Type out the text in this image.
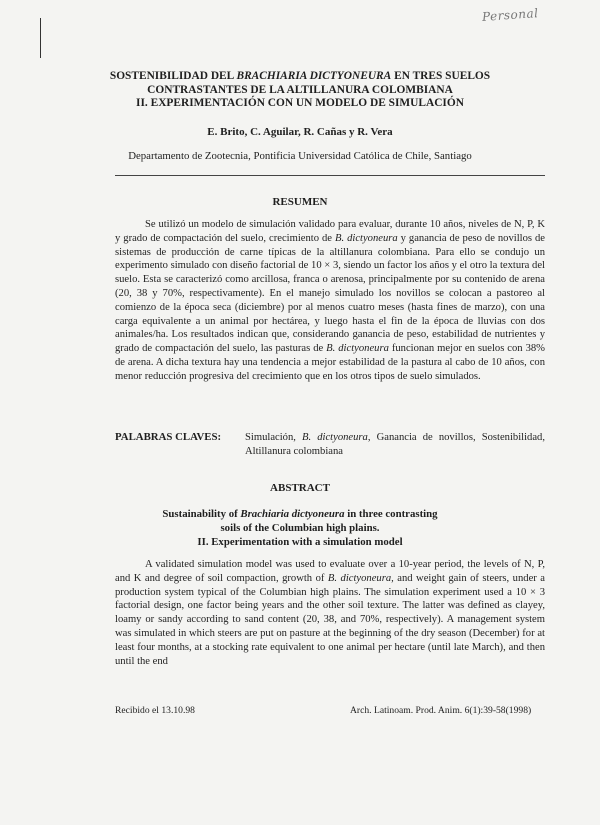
Personal
SOSTENIBILIDAD DEL BRACHIARIA DICTYONEURA EN TRES SUELOS
CONTRASTANTES DE LA ALTILLANURA COLOMBIANA
II. EXPERIMENTACIÓN CON UN MODELO DE SIMULACIÓN
E. Brito, C. Aguilar, R. Cañas y R. Vera
Departamento de Zootecnia, Pontificia Universidad Católica de Chile, Santiago
RESUMEN
Se utilizó un modelo de simulación validado para evaluar, durante 10 años, niveles de N, P, K y grado de compactación del suelo, crecimiento de B. dictyoneura y ganancia de peso de novillos de sistemas de producción de carne típicas de la altillanura colombiana. Para ello se condujo un experimento simulado con diseño factorial de 10 × 3, siendo un factor los años y el otro la textura del suelo. Esta se caracterizó como arcillosa, franca o arenosa, principalmente por su contenido de arena (20, 38 y 70%, respectivamente). En el manejo simulado los novillos se colocan a pastoreo al comienzo de la época seca (diciembre) por al menos cuatro meses (hasta fines de marzo), con una carga equivalente a un animal por hectárea, y luego hasta el fin de la época de lluvias con dos animales/ha. Los resultados indican que, considerando ganancia de peso, estabilidad de nutrientes y grado de compactación del suelo, las pasturas de B. dictyoneura funcionan mejor en suelos con 38% de arena. A dicha textura hay una tendencia a mejor estabilidad de la pastura al cabo de 10 años, con menor reducción progresiva del crecimiento que en los otros tipos de suelo simulados.
PALABRAS CLAVES: Simulación, B. dictyoneura, Ganancia de novillos, Sostenibilidad, Altillanura colombiana
ABSTRACT
Sustainability of Brachiaria dictyoneura in three contrasting
soils of the Columbian high plains.
II. Experimentation with a simulation model
A validated simulation model was used to evaluate over a 10-year period, the levels of N, P, and K and degree of soil compaction, growth of B. dictyoneura, and weight gain of steers, under a production system typical of the Columbian high plains. The simulation experiment used a 10 × 3 factorial design, one factor being years and the other soil texture. The latter was defined as clayey, loamy or sandy according to sand content (20, 38, and 70%, respectively). A management system was simulated in which steers are put on pasture at the beginning of the dry season (December) for at least four months, at a stocking rate equivalent to one animal per hectare (until late March), and then until the end
Recibido el 13.10.98	Arch. Latinoam. Prod. Anim. 6(1):39-58(1998)
